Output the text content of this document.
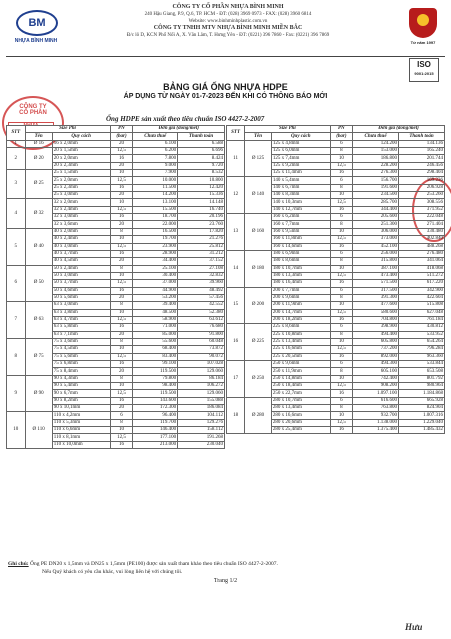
BM
NHỰA BÌNH MINH
CÔNG TY CỔ PHẦN NHỰA BÌNH MINH
240 Hậu Giang, P.9, Q.6, TP. HCM - ĐT: (028) 3969 0973 - FAX: (028) 3960 6814
Website: www.binhminhplastic.com.vn
CÔNG TY TNHH MTV NHỰA BÌNH MINH MIỀN BẮC
Đ/c lô D, KCN Phố Nối A, X. Văn Lâm, T. Hưng Yên - ĐT: (0221) 396 7860 - Fax: (0221) 396 7869
Từ năm 1997
ISO
9001:2015
BẢNG GIÁ ỐNG NHỰA HDPE
ÁP DỤNG TỪ NGÀY 01-7-2023 ĐẾN KHI CÓ THÔNG BÁO MỚI
CÔNG TY
CỔ PHẦN

Ống HDPE sản xuất theo tiêu chuẩn ISO 4427-2-2007
STT	Size Phi		PN	Đơn giá (đồng/mét)	
	Tên	Quy cách	(bar)	Chưa thuế	Thanh toán
1	Ø 16	16 x 2,0mm	20	6.100	6.588
2	Ø 20	20 x 1,5mm	12,5	6.200	6.696
		20 x 2,0mm	16	7.800	8.424
		20 x 2,3mm	20	9.000	9.720
3	Ø 25	25 x 1,5mm	10	7.900	8.532
		25 x 2,0mm	12,5	10.000	10.800
		25 x 2,3mm	16	11.500	12.420
		25 x 3,0mm	20	14.200	15.336
4	Ø 32	32 x 2,0mm	10	13.100	14.148
		32 x 2,4mm	12,5	15.500	16.740
		32 x 3,0mm	16	18.700	20.196
		32 x 3,6mm	20	22.000	23.760
5	Ø 40	40 x 2,0mm	8	16.500	17.820
		40 x 2,4mm	10	19.700	21.276
		40 x 3,0mm	12,5	23.900	25.812
		40 x 3,7mm	16	28.900	31.212
		40 x 4,5mm	20	34.400	37.152
6	Ø 50	50 x 2,4mm	8	25.100	27.108
		50 x 3,0mm	10	30.400	32.832
		50 x 3,7mm	12,5	37.000	39.960
		50 x 4,6mm	16	44.900	48.492
		50 x 5,6mm	20	53.200	57.456
7	Ø 63	63 x 3,0mm	8	39.400	42.552
		63 x 3,8mm	10	48.500	52.380
		63 x 4,7mm	12,5	58.900	63.612
		63 x 5,8mm	16	71.000	76.680
		63 x 7,1mm	20	85.000	91.800
8	Ø 75	75 x 3,6mm	8	55.600	60.048
		75 x 4,5mm	10	68.400	73.872
		75 x 5,6mm	12,5	83.400	90.072
		75 x 6,8mm	16	99.100	107.028
		75 x 8,4mm	20	119.500	129.060
9	Ø 90	90 x 4,3mm	8	79.800	86.184
		90 x 5,4mm	10	98.400	106.272
		90 x 6,7mm	12,5	119.500	129.060
		90 x 8,2mm	16	143.600	155.088
		90 x 10,1mm	20	172.300	186.084
10	Ø 110	110 x 4,2mm	6	96.400	104.112
		110 x 5,3mm	8	119.700	129.276
		110 x 6,6mm	10	146.400	158.112
		110 x 8,1mm	12,5	177.100	191.268
		110 x 10,0mm	16	213.000	230.040
STT	Size Phi		PN	Đơn giá (đồng/mét)	
	Tên	Quy cách	(bar)	Chưa thuế	Thanh toán
11	Ø 125	125 x 4,8mm	6	124.200	134.136
		125 x 6,0mm	8	153.000	165.240
		125 x 7,4mm	10	186.800	201.744
		125 x 9,2mm	12,5	228.200	246.456
		125 x 11,4mm	16	276.300	298.404
12	Ø 140	140 x 5,4mm	6	156.700	169.236
		140 x 6,7mm	8	191.600	206.928
		140 x 8,3mm	10	234.500	253.260
		140 x 10,3mm	12,5	285.700	308.556
		140 x 12,7mm	16	344.400	371.952
13	Ø 160	160 x 6,2mm	6	205.600	222.048
		160 x 7,7mm	8	251.300	271.404
		160 x 9,5mm	10	306.000	330.480
		160 x 11,8mm	12,5	373.000	402.840
		160 x 14,6mm	16	452.100	488.268
14	Ø 180	180 x 6,9mm	6	256.000	276.480
		180 x 8,6mm	8	315.800	341.064
		180 x 10,7mm	10	387.100	418.068
		180 x 13,3mm	12,5	473.400	511.272
		180 x 16,4mm	16	571.500	617.220
15	Ø 200	200 x 7,7mm	6	317.500	342.900
		200 x 9,6mm	8	391.300	422.604
		200 x 11,9mm	10	477.600	515.808
		200 x 14,7mm	12,5	580.600	627.048
		200 x 18,2mm	16	704.800	761.184
16	Ø 225	225 x 8,6mm	6	398.900	430.812
		225 x 10,8mm	8	494.400	533.952
		225 x 13,4mm	10	605.800	654.264
		225 x 16,6mm	12,5	737.200	796.284
		225 x 20,5mm	16	892.000	963.360
17	Ø 250	250 x 9,6mm	6	494.300	533.844
		250 x 11,9mm	8	605.100	653.508
		250 x 14,8mm	10	742.400	801.792
		250 x 18,4mm	12,5	908.200	980.964
		250 x 22,7mm	16	1.097.100	1.184.868
18	Ø 280	280 x 10,7mm	6	616.600	665.928
		280 x 13,4mm	8	763.800	824.904
		280 x 16,6mm	10	932.700	1.007.316
		280 x 20,6mm	12,5	1.138.000	1.229.040
		280 x 25,4mm	16	1.375.400	1.485.432
Ghi chú: Ống PE DN20 x 1,5mm và DN25 x 1,5mm (PE100) được sản xuất tham khảo theo tiêu chuẩn ISO 4427-2-2007.
Nếu Quý khách có yêu cầu khác, vui lòng liên hệ với chúng tôi.
Trang 1/2
Hưu
